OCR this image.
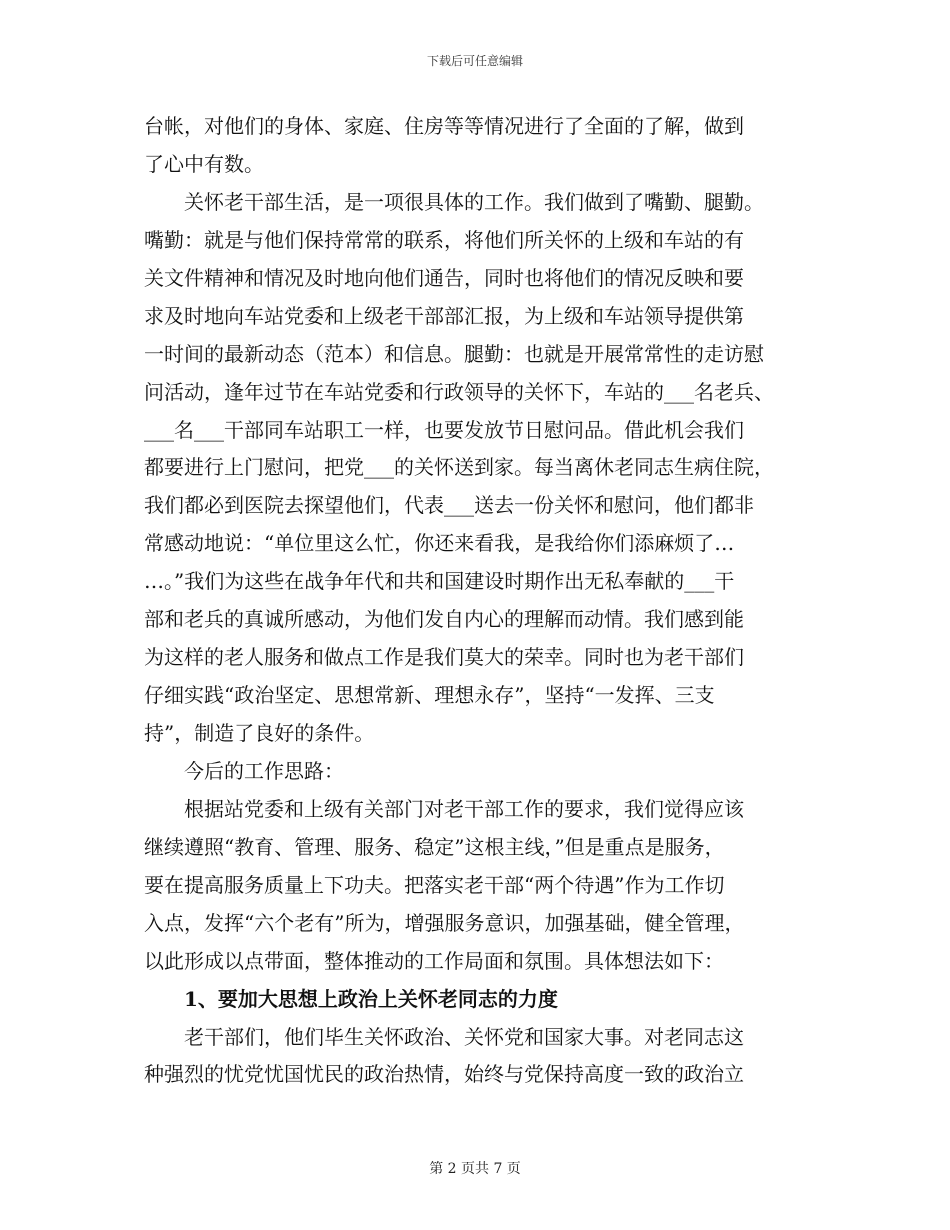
下载后可任意编辑
台帐，对他们的身体、家庭、住房等等情况进行了全面的了解，做到
了心中有数。
关怀老干部生活，是一项很具体的工作。我们做到了嘴勤、腿勤。
嘴勤：就是与他们保持常常的联系，将他们所关怀的上级和车站的有
关文件精神和情况及时地向他们通告，同时也将他们的情况反映和要
求及时地向车站党委和上级老干部部汇报，为上级和车站领导提供第
一时间的最新动态（范本）和信息。腿勤：也就是开展常常性的走访慰
问活动，逢年过节在车站党委和行政领导的关怀下，车站的___名老兵、
___名___干部同车站职工一样，也要发放节日慰问品。借此机会我们
都要进行上门慰问，把党___的关怀送到家。每当离休老同志生病住院，
我们都必到医院去探望他们，代表___送去一份关怀和慰问，他们都非
常感动地说：“单位里这么忙，你还来看我，是我给你们添麻烦了…
…。”我们为这些在战争年代和共和国建设时期作出无私奉献的___干
部和老兵的真诚所感动，为他们发自内心的理解而动情。我们感到能
为这样的老人服务和做点工作是我们莫大的荣幸。同时也为老干部们
仔细实践“政治坚定、思想常新、理想永存”，坚持“一发挥、三支
持”，制造了良好的条件。
今后的工作思路：
根据站党委和上级有关部门对老干部工作的要求，我们觉得应该
继续遵照“教育、管理、服务、稳定”这根主线，”但是重点是服务，
要在提高服务质量上下功夫。把落实老干部“两个待遇”作为工作切
入点，发挥“六个老有”所为，增强服务意识，加强基础，健全管理，
以此形成以点带面，整体推动的工作局面和氛围。具体想法如下：
1、要加大思想上政治上关怀老同志的力度
老干部们，他们毕生关怀政治、关怀党和国家大事。对老同志这
种强烈的忧党忧国忧民的政治热情，始终与党保持高度一致的政治立
第 2 页共 7 页
